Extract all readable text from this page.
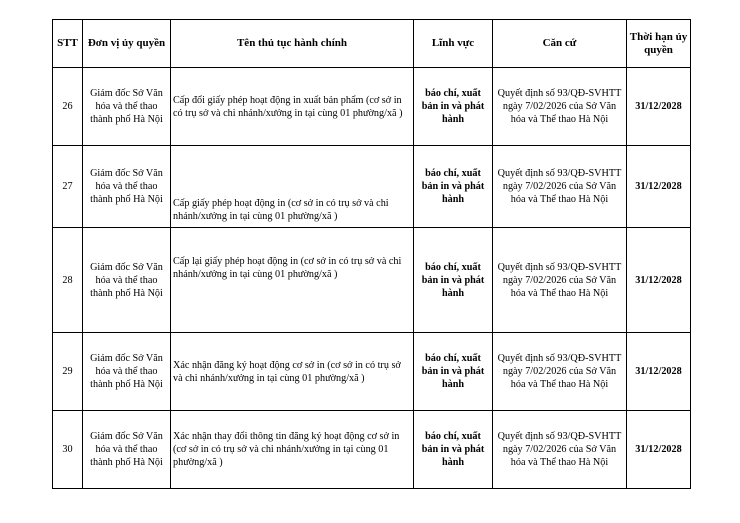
STT	Đơn vị ủy quyền	Tên thủ tục hành chính	Lĩnh vực	Căn cứ	Thời hạn ủy quyền
26	Giám đốc Sở Văn hóa và thể thao thành phố Hà Nội	Cấp đổi giấy phép hoạt động in xuất bản phẩm (cơ sở in có trụ sở và chi nhánh/xưởng in tại cùng 01 phường/xã )	báo chí, xuất bản in và phát hành	Quyết định số 93/QĐ-SVHTT ngày 7/02/2026 của Sở Văn hóa và Thể thao Hà Nội	31/12/2028
27	Giám đốc Sở Văn hóa và thể thao thành phố Hà Nội	Cấp giấy phép hoạt động in (cơ sở in có trụ sở và chi nhánh/xưởng in tại cùng 01 phường/xã )	báo chí, xuất bản in và phát hành	Quyết định số 93/QĐ-SVHTT ngày 7/02/2026 của Sở Văn hóa và Thể thao Hà Nội	31/12/2028
28	Giám đốc Sở Văn hóa và thể thao thành phố Hà Nội	Cấp lại giấy phép hoạt động in (cơ sở in có trụ sở và chi nhánh/xưởng in tại cùng 01 phường/xã )	báo chí, xuất bản in và phát hành	Quyết định số 93/QĐ-SVHTT ngày 7/02/2026 của Sở Văn hóa và Thể thao Hà Nội	31/12/2028
29	Giám đốc Sở Văn hóa và thể thao thành phố Hà Nội	Xác nhận đăng ký hoạt động cơ sở in (cơ sở in có trụ sở và chi nhánh/xưởng in tại cùng 01 phường/xã )	báo chí, xuất bản in và phát hành	Quyết định số 93/QĐ-SVHTT ngày 7/02/2026 của Sở Văn hóa và Thể thao Hà Nội	31/12/2028
30	Giám đốc Sở Văn hóa và thể thao thành phố Hà Nội	Xác nhận thay đổi thông tin đăng ký hoạt động cơ sở in (cơ sở in có trụ sở và chi nhánh/xưởng in tại cùng 01 phường/xã )	báo chí, xuất bản in và phát hành	Quyết định số 93/QĐ-SVHTT ngày 7/02/2026 của Sở Văn hóa và Thể thao Hà Nội	31/12/2028
